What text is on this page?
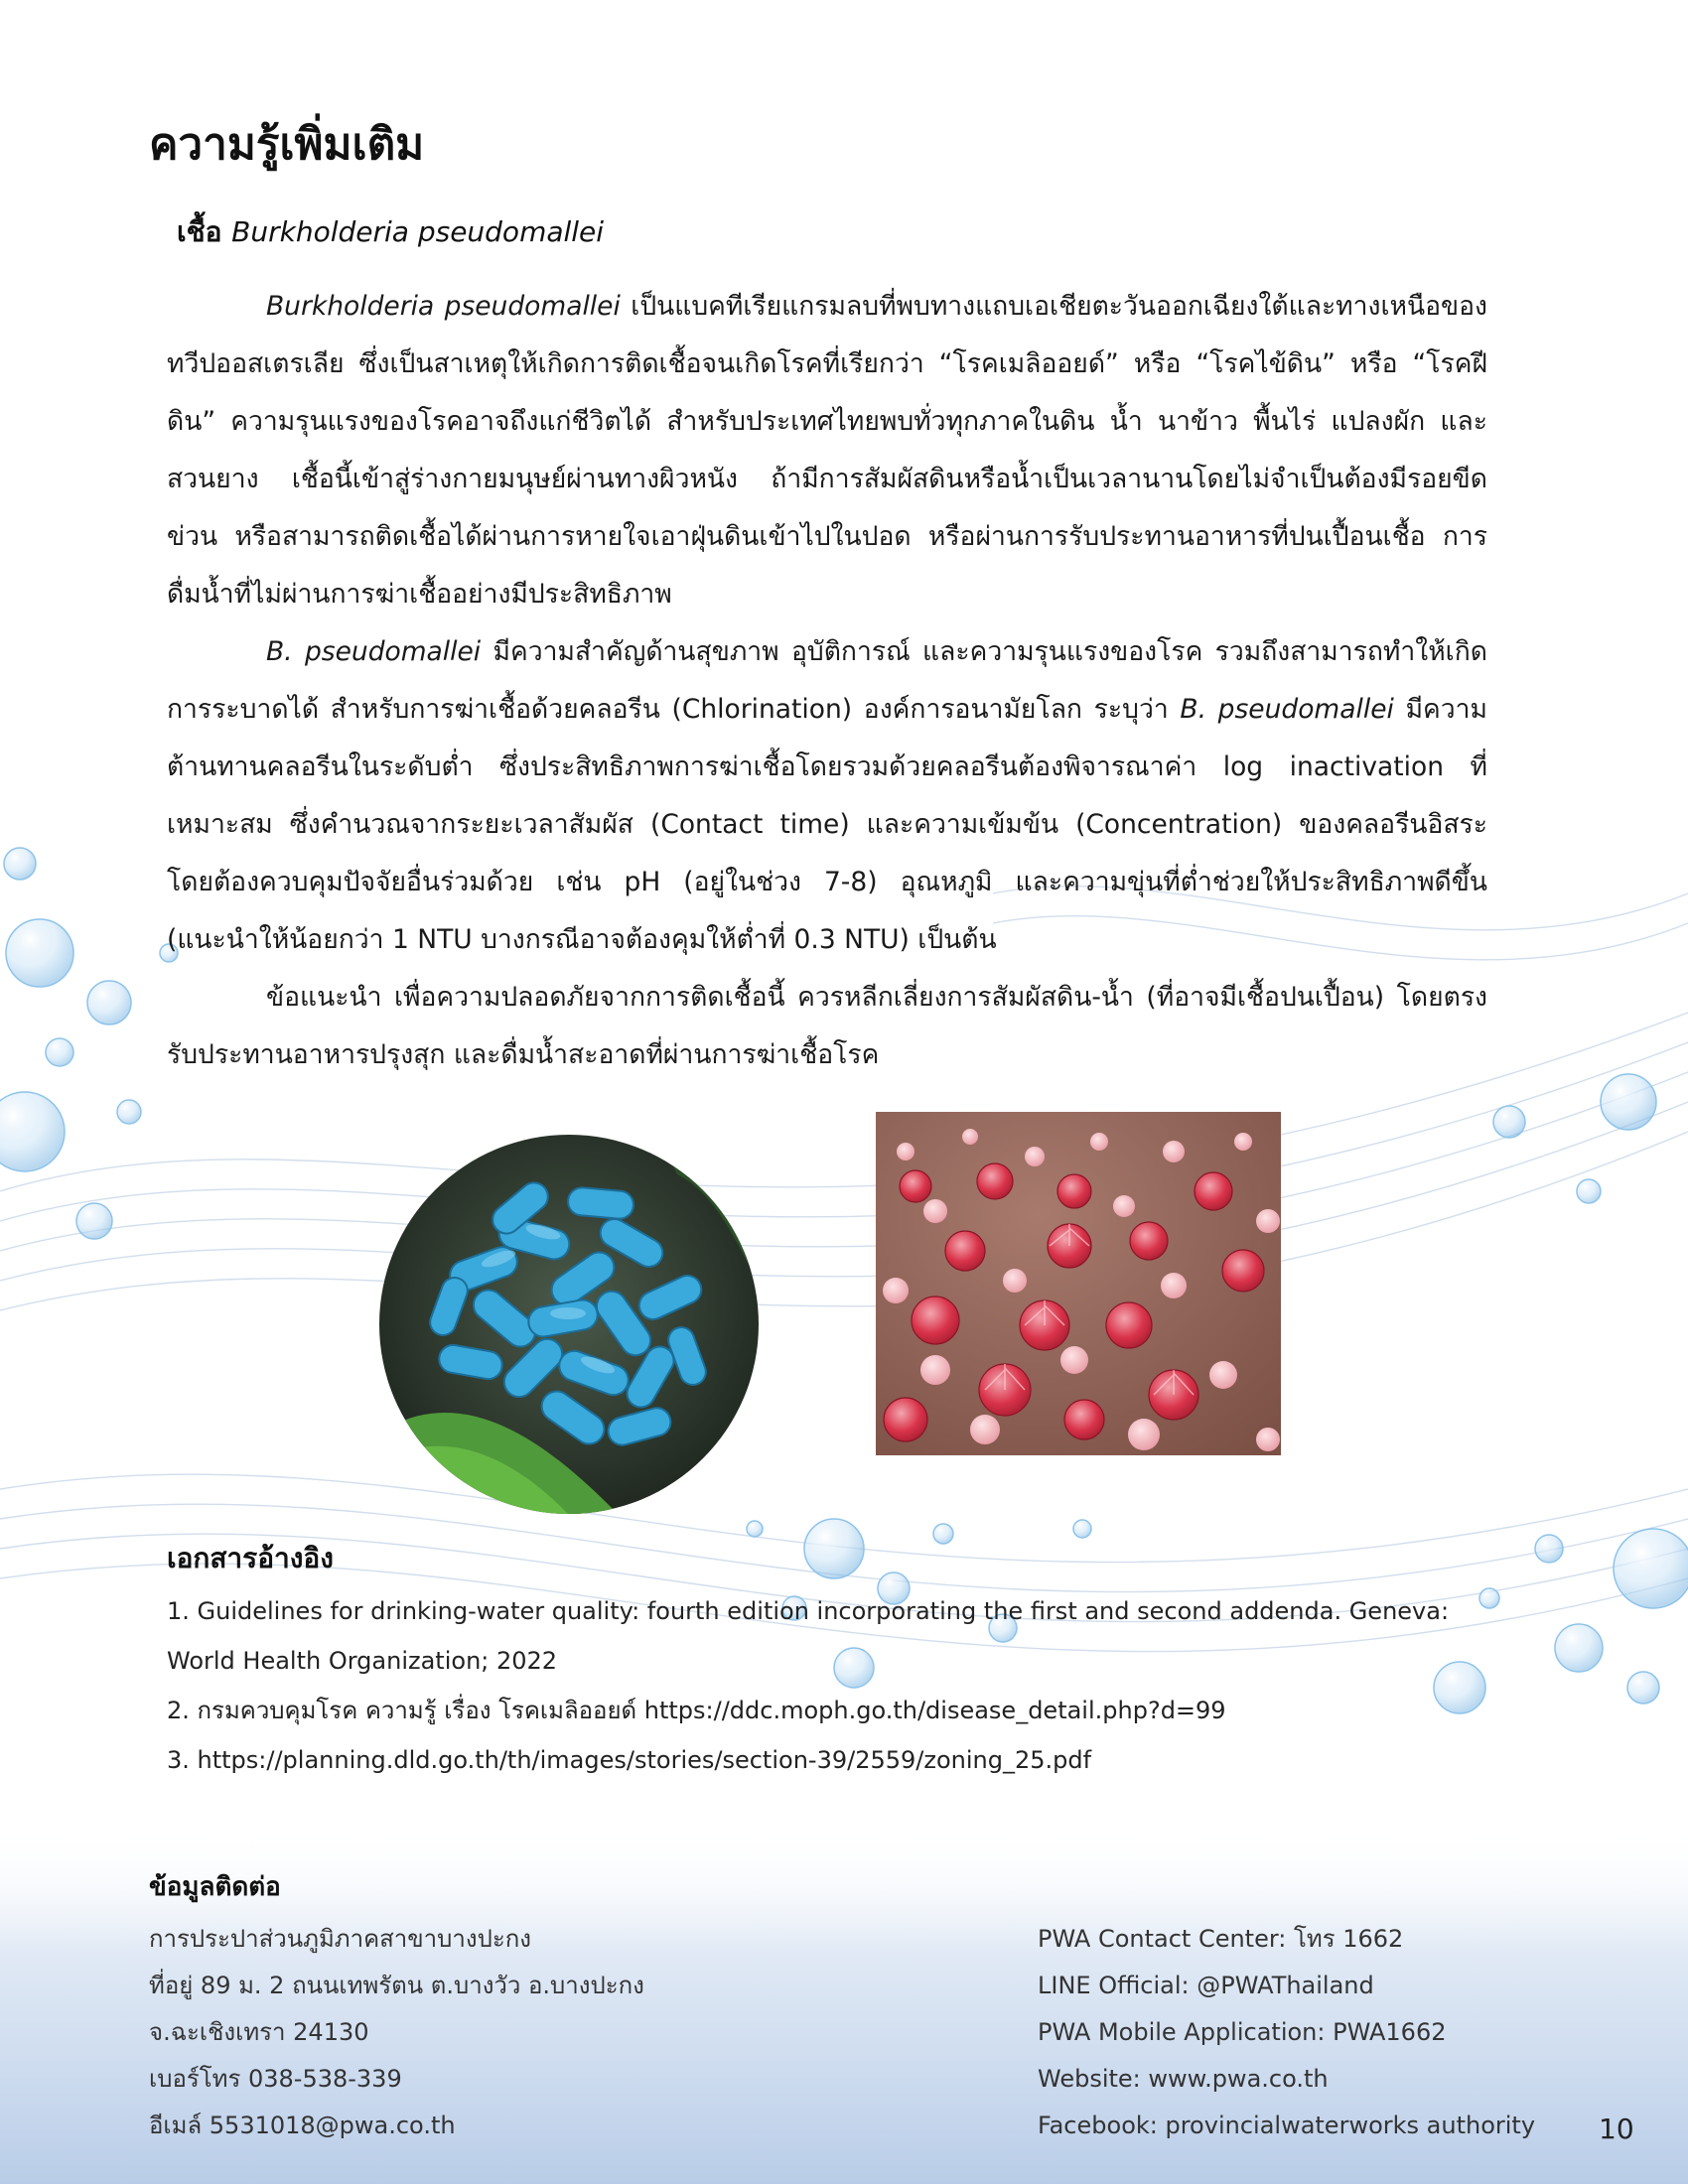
ความรู้เพิ่มเติม
เชื้อ Burkholderia pseudomallei

Burkholderia pseudomallei เป็นแบคทีเรียแกรมลบที่พบทางแถบเอเชียตะวันออกเฉียงใต้และทางเหนือของทวีปออสเตรเลีย ซึ่งเป็นสาเหตุให้เกิดการติดเชื้อจนเกิดโรคที่เรียกว่า “โรคเมลิออยด์” หรือ “โรคไข้ดิน” หรือ “โรคฝีดิน” ความรุนแรงของโรคอาจถึงแก่ชีวิตได้ สำหรับประเทศไทยพบทั่วทุกภาคในดิน น้ำ นาข้าว พื้นไร่ แปลงผัก และสวนยาง เชื้อนี้เข้าสู่ร่างกายมนุษย์ผ่านทางผิวหนัง ถ้ามีการสัมผัสดินหรือน้ำเป็นเวลานานโดยไม่จำเป็นต้องมีรอยขีดข่วน หรือสามารถติดเชื้อได้ผ่านการหายใจเอาฝุ่นดินเข้าไปในปอด หรือผ่านการรับประทานอาหารที่ปนเปื้อนเชื้อ การดื่มน้ำที่ไม่ผ่านการฆ่าเชื้ออย่างมีประสิทธิภาพ

B. pseudomallei มีความสำคัญด้านสุขภาพ อุบัติการณ์ และความรุนแรงของโรค รวมถึงสามารถทำให้เกิดการระบาดได้ สำหรับการฆ่าเชื้อด้วยคลอรีน (Chlorination) องค์การอนามัยโลก ระบุว่า B. pseudomallei มีความต้านทานคลอรีนในระดับต่ำ ซึ่งประสิทธิภาพการฆ่าเชื้อโดยรวมด้วยคลอรีนต้องพิจารณาค่า log inactivation ที่เหมาะสม ซึ่งคำนวณจากระยะเวลาสัมผัส (Contact time) และความเข้มข้น (Concentration) ของคลอรีนอิสระ โดยต้องควบคุมปัจจัยอื่นร่วมด้วย เช่น pH (อยู่ในช่วง 7-8) อุณหภูมิ และความขุ่นที่ต่ำช่วยให้ประสิทธิภาพดีขึ้น (แนะนำให้น้อยกว่า 1 NTU บางกรณีอาจต้องคุมให้ต่ำที่ 0.3 NTU) เป็นต้น

ข้อแนะนำ เพื่อความปลอดภัยจากการติดเชื้อนี้ ควรหลีกเลี่ยงการสัมผัสดิน-น้ำ (ที่อาจมีเชื้อปนเปื้อน) โดยตรง รับประทานอาหารปรุงสุก และดื่มน้ำสะอาดที่ผ่านการฆ่าเชื้อโรค

เอกสารอ้างอิง
1. Guidelines for drinking-water quality: fourth edition incorporating the first and second addenda. Geneva: World Health Organization; 2022
2. กรมควบคุมโรค ความรู้ เรื่อง โรคเมลิออยด์ https://ddc.moph.go.th/disease_detail.php?d=99
3. https://planning.dld.go.th/th/images/stories/section-39/2559/zoning_25.pdf
ข้อมูลติดต่อ
การประปาส่วนภูมิภาคสาขาบางปะกง
ที่อยู่ 89 ม. 2 ถนนเทพรัตน ต.บางวัว อ.บางปะกง
จ.ฉะเชิงเทรา 24130
เบอร์โทร 038-538-339
อีเมล์ 5531018@pwa.co.th
PWA Contact Center: โทร 1662
LINE Official: @PWAThailand
PWA Mobile Application: PWA1662
Website: www.pwa.co.th
Facebook: provincialwaterworks authority 10
